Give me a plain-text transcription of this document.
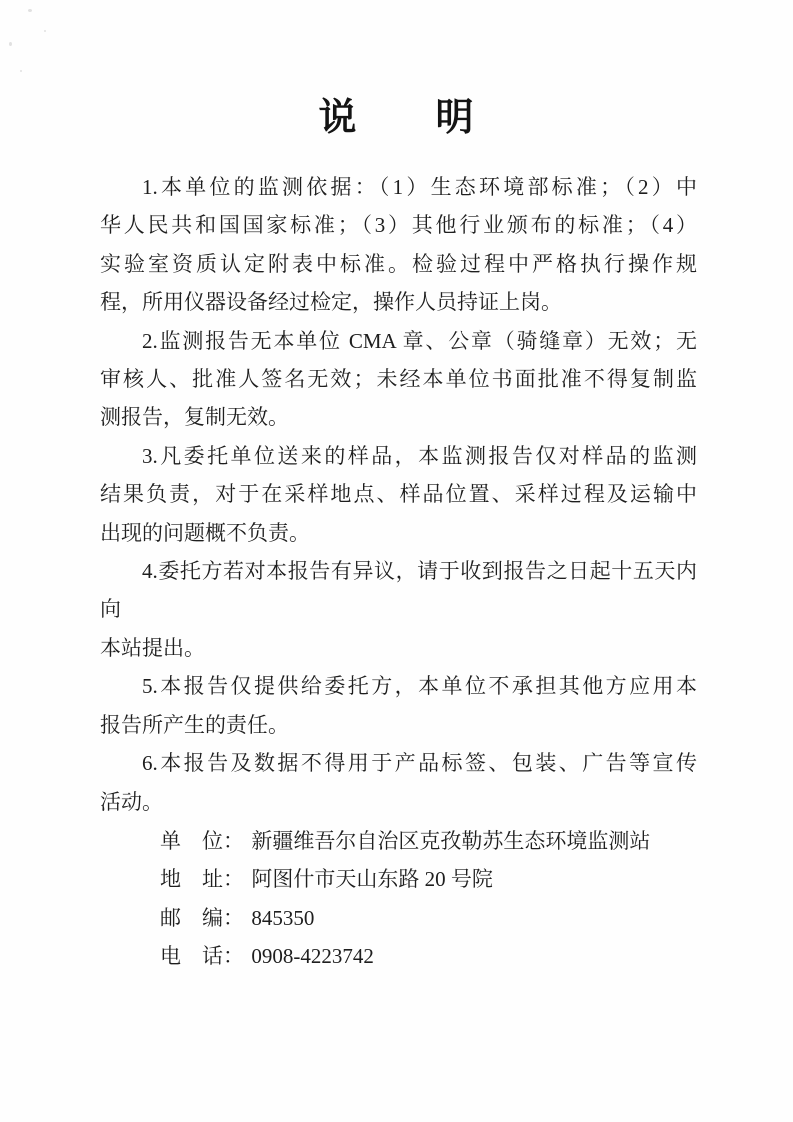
说　　明
1.本单位的监测依据：（1）生态环境部标准；（2）中
华人民共和国国家标准；（3）其他行业颁布的标准；（4）
实验室资质认定附表中标准。检验过程中严格执行操作规
程，所用仪器设备经过检定，操作人员持证上岗。
2.监测报告无本单位 CMA 章、公章（骑缝章）无效；无
审核人、批准人签名无效；未经本单位书面批准不得复制监
测报告，复制无效。
3.凡委托单位送来的样品，本监测报告仅对样品的监测
结果负责，对于在采样地点、样品位置、采样过程及运输中
出现的问题概不负责。
4.委托方若对本报告有异议，请于收到报告之日起十五天内向
本站提出。
5.本报告仅提供给委托方，本单位不承担其他方应用本
报告所产生的责任。
6.本报告及数据不得用于产品标签、包装、广告等宣传
活动。
单　位： 新疆维吾尔自治区克孜勒苏生态环境监测站
地　址： 阿图什市天山东路 20 号院
邮　编： 845350
电　话： 0908-4223742
